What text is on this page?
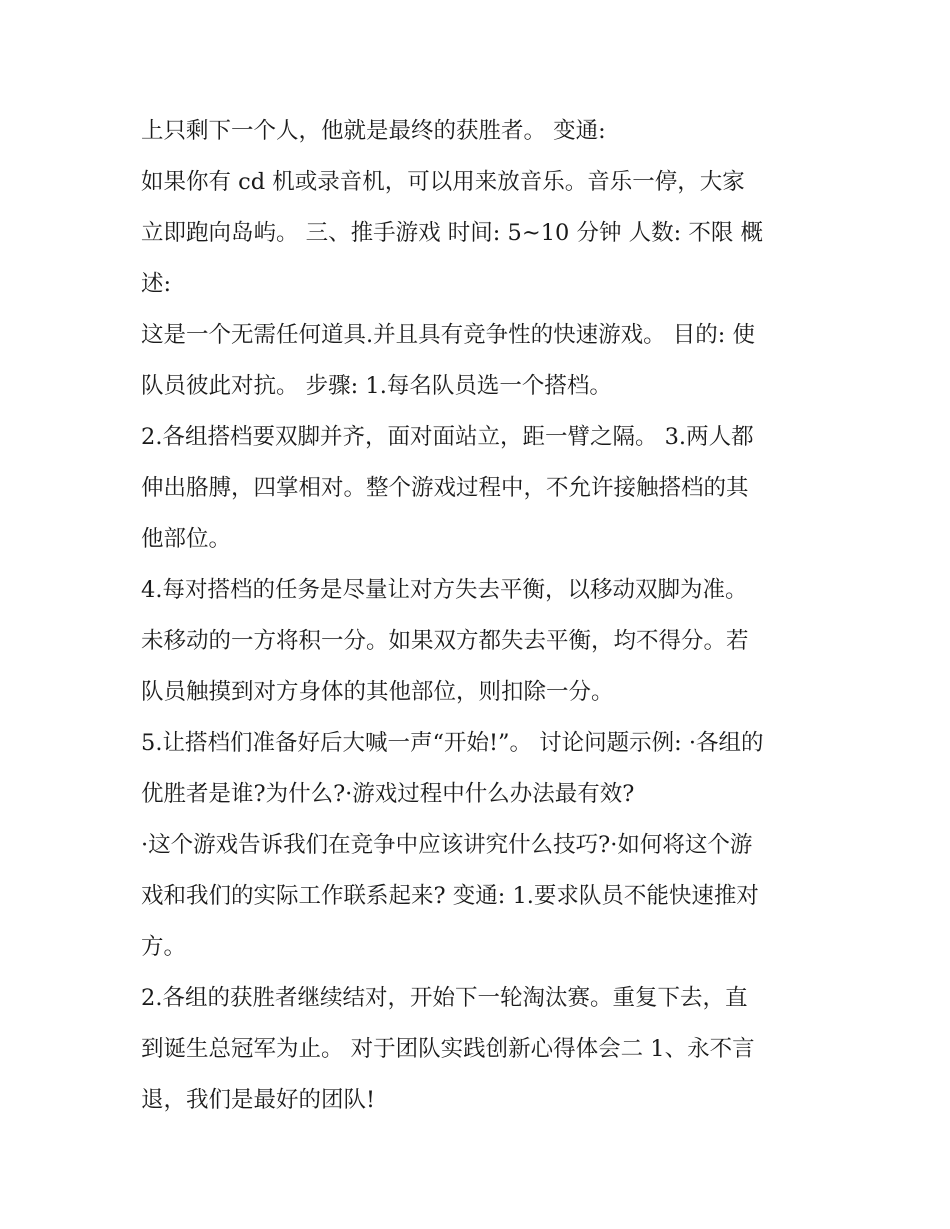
上只剩下一个人，他就是最终的获胜者。 变通:
如果你有 cd 机或录音机，可以用来放音乐。音乐一停，大家
立即跑向岛屿。 三、推手游戏 时间: 5~10 分钟 人数: 不限 概
述:
这是一个无需任何道具.并且具有竞争性的快速游戏。 目的: 使
队员彼此对抗。 步骤: 1.每名队员选一个搭档。
2.各组搭档要双脚并齐，面对面站立，距一臂之隔。 3.两人都
伸出胳膊，四掌相对。整个游戏过程中，不允许接触搭档的其
他部位。
4.每对搭档的任务是尽量让对方失去平衡，以移动双脚为准。
未移动的一方将积一分。如果双方都失去平衡，均不得分。若
队员触摸到对方身体的其他部位，则扣除一分。
5.让搭档们准备好后大喊一声“开始!”。 讨论问题示例: ·各组的
优胜者是谁?为什么?·游戏过程中什么办法最有效?
·这个游戏告诉我们在竞争中应该讲究什么技巧?·如何将这个游
戏和我们的实际工作联系起来? 变通: 1.要求队员不能快速推对
方。
2.各组的获胜者继续结对，开始下一轮淘汰赛。重复下去，直
到诞生总冠军为止。 对于团队实践创新心得体会二 1、永不言
退，我们是最好的团队!
